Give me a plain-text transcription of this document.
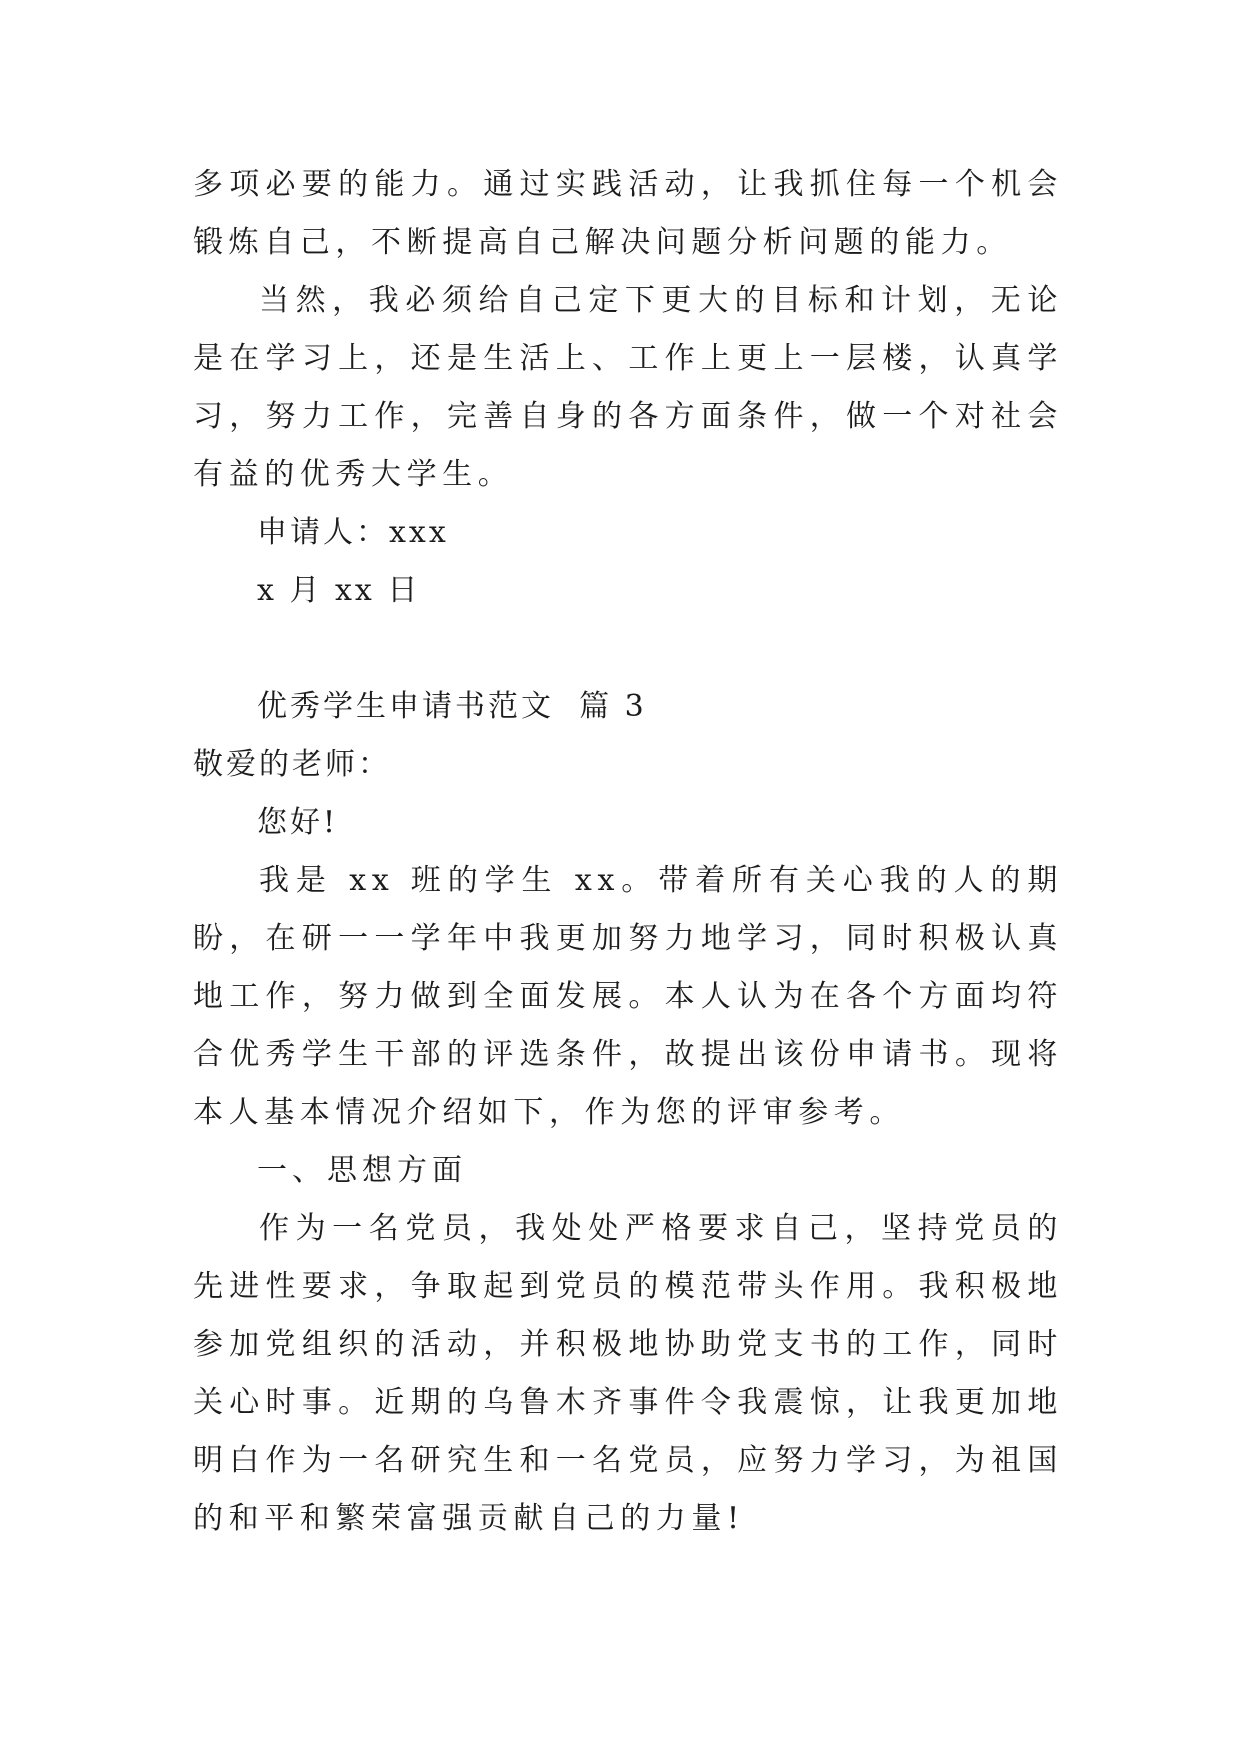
多项必要的能力。通过实践活动，让我抓住每一个机会锻炼自己，不断提高自己解决问题分析问题的能力。

当然，我必须给自己定下更大的目标和计划，无论是在学习上，还是生活上、工作上更上一层楼，认真学习，努力工作，完善自身的各方面条件，做一个对社会有益的优秀大学生。

申请人：xxx

x 月 xx 日

优秀学生申请书范文  篇 3

敬爱的老师：

您好!

我是 xx 班的学生 xx。带着所有关心我的人的期盼，在研一一学年中我更加努力地学习，同时积极认真地工作，努力做到全面发展。本人认为在各个方面均符合优秀学生干部的评选条件，故提出该份申请书。现将本人基本情况介绍如下，作为您的评审参考。

一、思想方面

作为一名党员，我处处严格要求自己，坚持党员的先进性要求，争取起到党员的模范带头作用。我积极地参加党组织的活动，并积极地协助党支书的工作，同时关心时事。近期的乌鲁木齐事件令我震惊，让我更加地明白作为一名研究生和一名党员，应努力学习，为祖国的和平和繁荣富强贡献自己的力量!
